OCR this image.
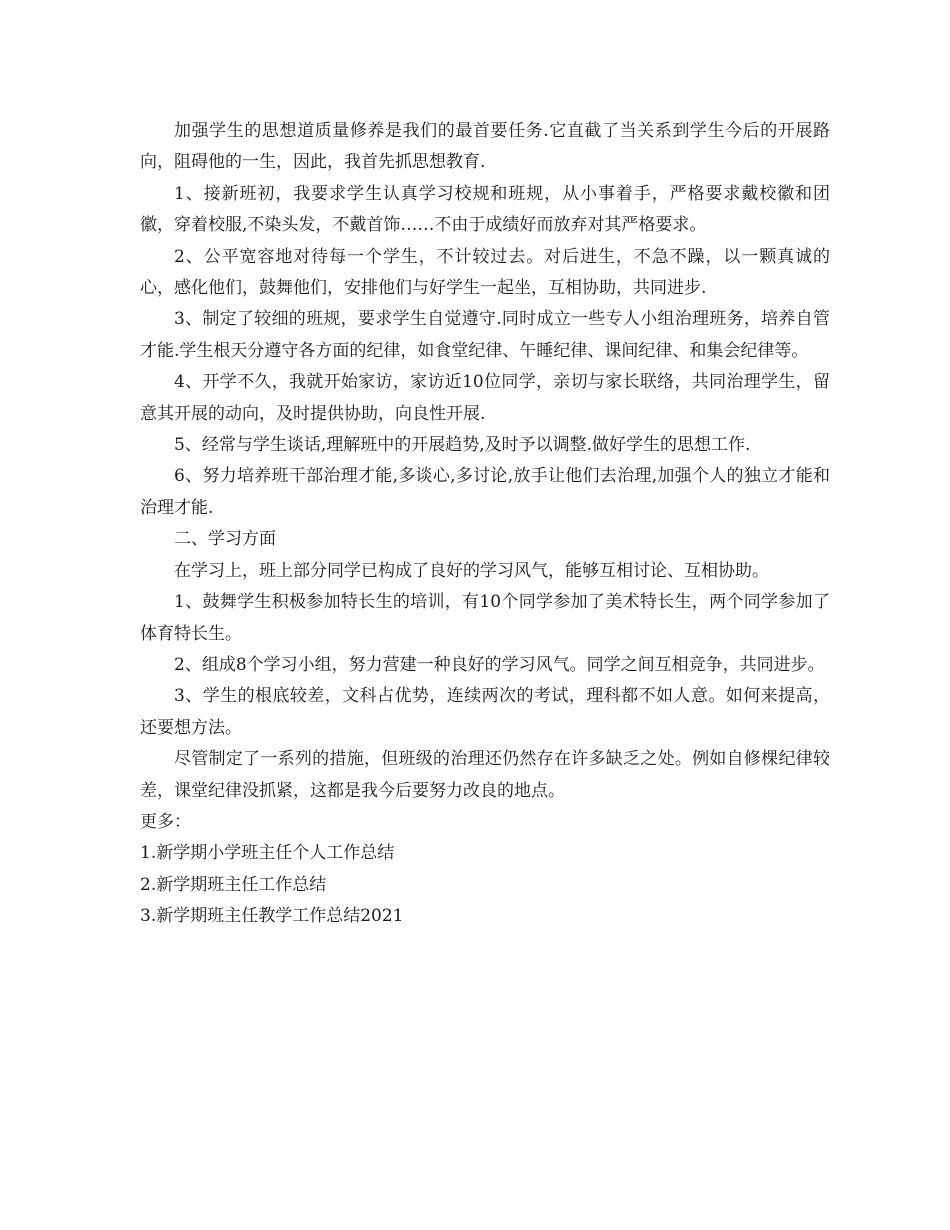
加强学生的思想道质量修养是我们的最首要任务.它直截了当关系到学生今后的开展路向，阻碍他的一生，因此，我首先抓思想教育.

1、接新班初，我要求学生认真学习校规和班规，从小事着手，严格要求戴校徽和团徽，穿着校服,不染头发，不戴首饰……不由于成绩好而放弃对其严格要求。

2、公平宽容地对待每一个学生，不计较过去。对后进生，不急不躁，以一颗真诚的心，感化他们，鼓舞他们，安排他们与好学生一起坐，互相协助，共同进步.

3、制定了较细的班规，要求学生自觉遵守.同时成立一些专人小组治理班务，培养自管才能.学生根天分遵守各方面的纪律，如食堂纪律、午睡纪律、课间纪律、和集会纪律等。

4、开学不久，我就开始家访，家访近10位同学，亲切与家长联络，共同治理学生，留意其开展的动向，及时提供协助，向良性开展.

5、经常与学生谈话,理解班中的开展趋势,及时予以调整.做好学生的思想工作.

6、努力培养班干部治理才能,多谈心,多讨论,放手让他们去治理,加强个人的独立才能和治理才能.

二、学习方面

在学习上，班上部分同学已构成了良好的学习风气，能够互相讨论、互相协助。

1、鼓舞学生积极参加特长生的培训，有10个同学参加了美术特长生，两个同学参加了体育特长生。

2、组成8个学习小组，努力营建一种良好的学习风气。同学之间互相竞争，共同进步。

3、学生的根底较差，文科占优势，连续两次的考试，理科都不如人意。如何来提高，还要想方法。

尽管制定了一系列的措施，但班级的治理还仍然存在许多缺乏之处。例如自修棵纪律较差，课堂纪律没抓紧，这都是我今后要努力改良的地点。

更多：

1.新学期小学班主任个人工作总结
2.新学期班主任工作总结
3.新学期班主任教学工作总结2021
